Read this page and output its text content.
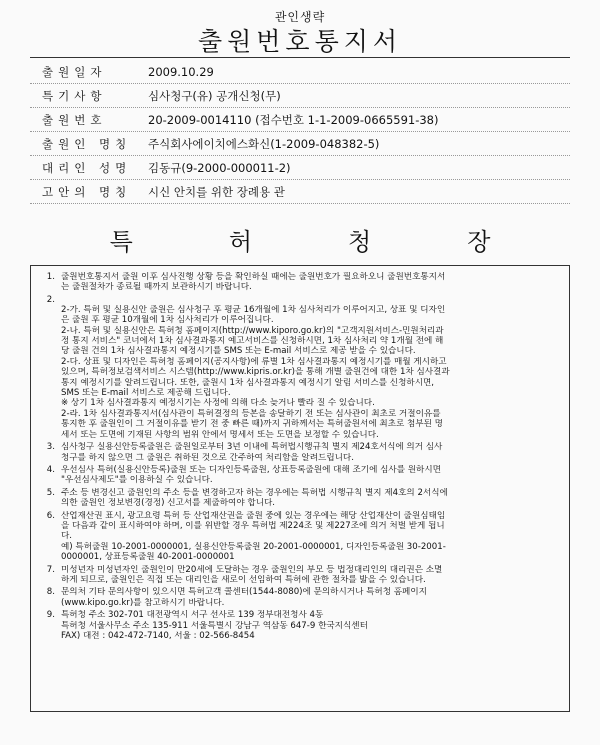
관인생략
출원번호통지서
출원일자	2009.10.29
특기사항	심사청구(유) 공개신청(무)
출원번호	20-2009-0014110 (접수번호 1-1-2009-0665591-38)
출원인 명칭	주식회사에이치에스화신(1-2009-048382-5)
대리인 성명	김동규(9-2000-000011-2)
고안의 명칭	시신 안치를 위한 장례용 관
특	허	청	장
1. 출원번호통지서 출원 이후 심사진행 상황 등을 확인하실 때에는 출원번호가 필요하오니 출원번호통지서
는 출원절차가 종료될 때까지 보관하시기 바랍니다.
2.
2-가. 특허 및 실용신안 출원은 심사청구 후 평균 16개월에 1차 심사처리가 이루어지고, 상표 및 디자인
은 출원 후 평균 10개월에 1차 심사처리가 이루어집니다.
2-나. 특허 및 실용신안은 특허청 홈페이지(http://www.kiporo.go.kr)의 "고객지원서비스-민원처리과
정 통지 서비스" 코너에서 1차 심사결과통지 예고서비스를 신청하시면, 1차 심사처리 약 1개월 전에 해
당 출원 건의 1차 심사결과통지 예정시기를 SMS 또는 E-mail 서비스로 제공 받을 수 있습니다.
2-다. 상표 및 디자인은 특허청 홈페이지(공지사항)에 류별 1차 심사결과통지 예정시기를 매월 게시하고
있으며, 특허정보검색서비스 시스템(http://www.kipris.or.kr)을 통해 개별 출원건에 대한 1차 심사결과
통지 예정시기를 알려드립니다. 또한, 출원시 1차 심사결과통지 예정시기 알림 서비스를 신청하시면,
SMS 또는 E-mail 서비스로 제공해 드립니다.
※ 상기 1차 심사결과통지 예정시기는 사정에 의해 다소 늦거나 빨라 질 수 있습니다.
2-라. 1차 심사결과통지서(심사관이 특허결정의 등본을 송달하기 전 또는 심사관이 최초로 거절이유를
통지한 후 출원인이 그 거절이유를 받기 전 중 빠른 때)까지 귀하께서는 특허출원서에 최초로 첨부된 명
세서 또는 도면에 기재된 사항의 범위 안에서 명세서 또는 도면을 보정할 수 있습니다.
3. 심사청구 실용신안등록출원은 출원일로부터 3년 이내에 특허법시행규칙 별지 제24호서식에 의거 심사
청구를 하지 않으면 그 출원은 취하된 것으로 간주하여 처리함을 알려드립니다.
4. 우선심사 특허(실용신안등록)출원 또는 디자인등록출원, 상표등록출원에 대해 조기에 심사를 원하시면
"우선심사제도"를 이용하실 수 있습니다.
5. 주소 등 변경신고 출원인의 주소 등을 변경하고자 하는 경우에는 특허법 시행규칙 별지 제4호의 2서식에
의한 출원인 정보변경(경정) 신고서를 제출하여야 합니다.
6. 산업재산권 표시, 광고요령 특허 등 산업재산권을 출원 중에 있는 경우에는 해당 산업재산이 출원심태임
을 다음과 같이 표시하여야 하며, 이를 위반할 경우 특허법 제224조 및 제227조에 의거 처벌 받게 됩니
다.
예) 특허출원 10-2001-0000001, 실용신안등록출원 20-2001-0000001, 디자인등록출원 30-2001-
0000001, 상표등록출원 40-2001-0000001
7. 미성년자 미성년자인 출원인이 만20세에 도달하는 경우 출원인의 부모 등 법정대리인의 대리권은 소멸
하게 되므로, 출원인은 직접 또는 대리인을 새로이 선임하여 특허에 관한 절차를 밟을 수 있습니다.
8. 문의처 기타 문의사항이 있으시면 특허고객 콜센터(1544-8080)에 문의하시거나 특허청 홈페이지
(www.kipo.go.kr)를 참고하시기 바랍니다.
9. 특허청 주소 302-701 대전광역시 서구 선사로 139 정부대전청사 4동
특허청 서울사무소 주소 135-911 서울특별시 강남구 역삼동 647-9 한국지식센터
FAX) 대전 : 042-472-7140, 서울 : 02-566-8454
